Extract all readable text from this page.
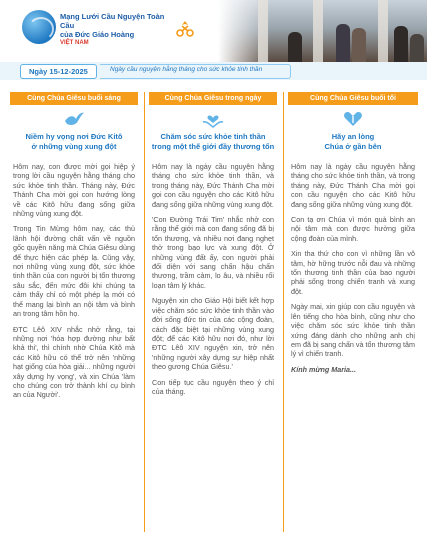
Mạng Lưới Cầu Nguyện Toàn Cầu
của Đức Giáo Hoàng
VIỆT NAM
Ngày 15-12-2025	Ngày cầu nguyện hằng tháng cho sức khỏe tinh thần
Cùng Chúa Giêsu buổi sáng
Niềm hy vọng nơi Đức Kitô
ở những vùng xung đột

Hôm nay, con được mời gọi hiệp ý trong lời cầu nguyện hằng tháng cho sức khỏe tinh thần. Tháng này, Đức Thánh Cha mời gọi con hướng lòng về các Kitô hữu đang sống giữa những vùng xung đột.

Trong Tin Mừng hôm nay, các thủ lãnh hội đường chất vấn về nguồn gốc quyền năng mà Chúa Giêsu dùng để thực hiện các phép lạ. Cũng vậy, nơi những vùng xung đột, sức khỏe tinh thần của con người bị tổn thương sâu sắc, đến mức đôi khi chúng ta cảm thấy chỉ có một phép lạ mới có thể mang lại bình an nội tâm và bình an trong tâm hồn họ.

ĐTC Lêô XIV nhắc nhở rằng, tại những nơi 'hóa hợp đường như bất khả thi', thì chính nhờ Chúa Kitô mà các Kitô hữu có thể trở nên 'những hạt giống của hòa giải... những người xây dựng hy vọng', và xin Chúa 'làm cho chúng con trở thành khí cụ bình an của Người'.

Cùng Chúa Giêsu trong ngày
Chăm sóc sức khỏe tinh thần
trong một thế giới đầy thương tổn

Hôm nay là ngày cầu nguyện hằng tháng cho sức khỏe tinh thần, và trong tháng này, Đức Thánh Cha mời gọi con cầu nguyện cho các Kitô hữu đang sống giữa những vùng xung đột.

'Con Đường Trái Tim' nhắc nhở con rằng thế giới mà con đang sống đã bị tổn thương, và nhiều nơi đang nghẹt thở trong bạo lực và xung đột. Ở những vùng đất ấy, con người phải đối diện với sang chấn hậu chấn thương, trầm cảm, lo âu, và nhiều rối loạn tâm lý khác.

Nguyện xin cho Giáo Hội biết kết hợp việc chăm sóc sức khỏe tinh thần vào đời sống đức tin của các cộng đoàn, cách đặc biệt tại những vùng xung đột; để các Kitô hữu nơi đó, như lời ĐTC Lêô XIV nguyện xin, trở nên 'những người xây dựng sự hiệp nhất theo gương Chúa Giêsu.'

Con tiếp tục cầu nguyện theo ý chỉ của tháng.

Cùng Chúa Giêsu buổi tối
Hãy an lòng
Chúa ở gần bên

Hôm nay là ngày cầu nguyện hằng tháng cho sức khỏe tinh thần, và trong tháng này, Đức Thánh Cha mời gọi con cầu nguyện cho các Kitô hữu đang sống giữa những vùng xung đột.

Con tạ ơn Chúa vì món quà bình an nội tâm mà con được hưởng giữa cộng đoàn của mình.

Xin tha thứ cho con vì những lần vô tâm, hờ hững trước nỗi đau và những tổn thương tinh thần của bao người phải sống trong chiến tranh và xung đột.

Ngày mai, xin giúp con cầu nguyện và lên tiếng cho hòa bình, cũng như cho việc chăm sóc sức khỏe tinh thần xứng đáng dành cho những anh chị em đã bị sang chấn và tổn thương tâm lý vì chiến tranh.

Kính mừng Maria...
